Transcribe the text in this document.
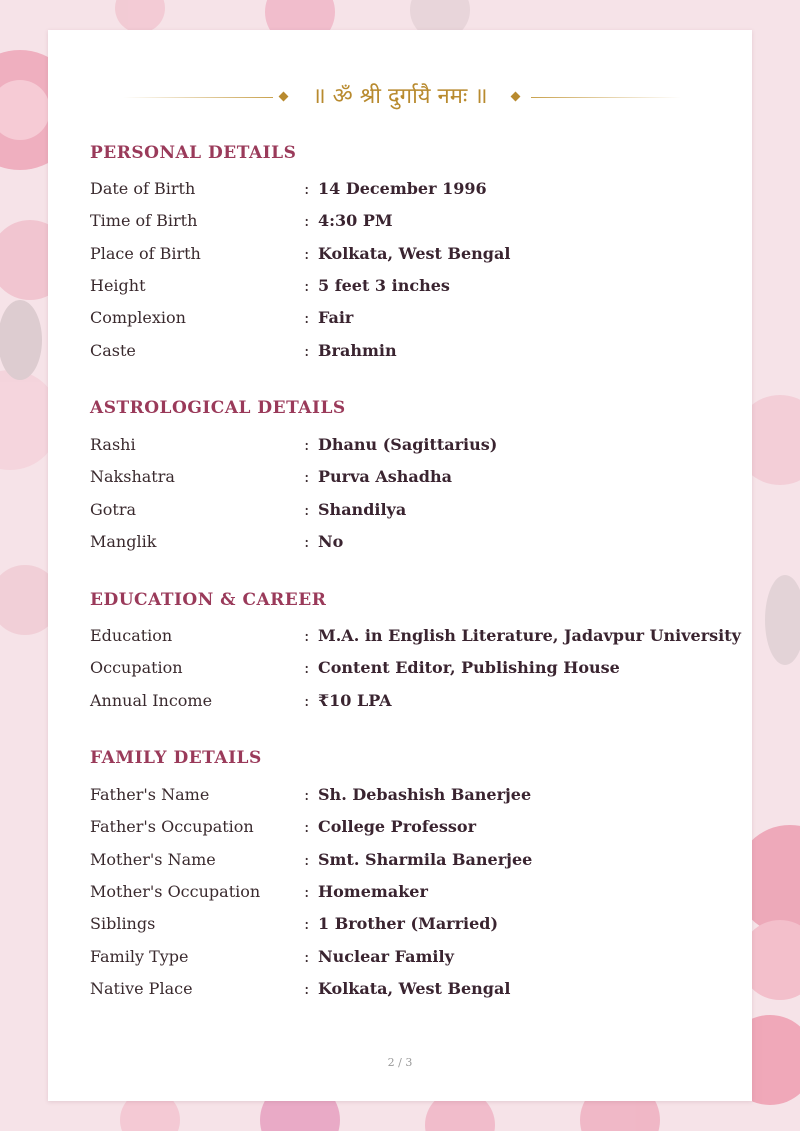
॥ ॐ श्री दुर्गायै नमः ॥
PERSONAL DETAILS
Date of Birth	: 14 December 1996
Time of Birth	: 4:30 PM
Place of Birth	: Kolkata, West Bengal
Height	: 5 feet 3 inches
Complexion	: Fair
Caste	: Brahmin
ASTROLOGICAL DETAILS
Rashi	: Dhanu (Sagittarius)
Nakshatra	: Purva Ashadha
Gotra	: Shandilya
Manglik	: No
EDUCATION & CAREER
Education	: M.A. in English Literature, Jadavpur University
Occupation	: Content Editor, Publishing House
Annual Income	: ₹10 LPA
FAMILY DETAILS
Father's Name	: Sh. Debashish Banerjee
Father's Occupation	: College Professor
Mother's Name	: Smt. Sharmila Banerjee
Mother's Occupation	: Homemaker
Siblings	: 1 Brother (Married)
Family Type	: Nuclear Family
Native Place	: Kolkata, West Bengal
2 / 3
